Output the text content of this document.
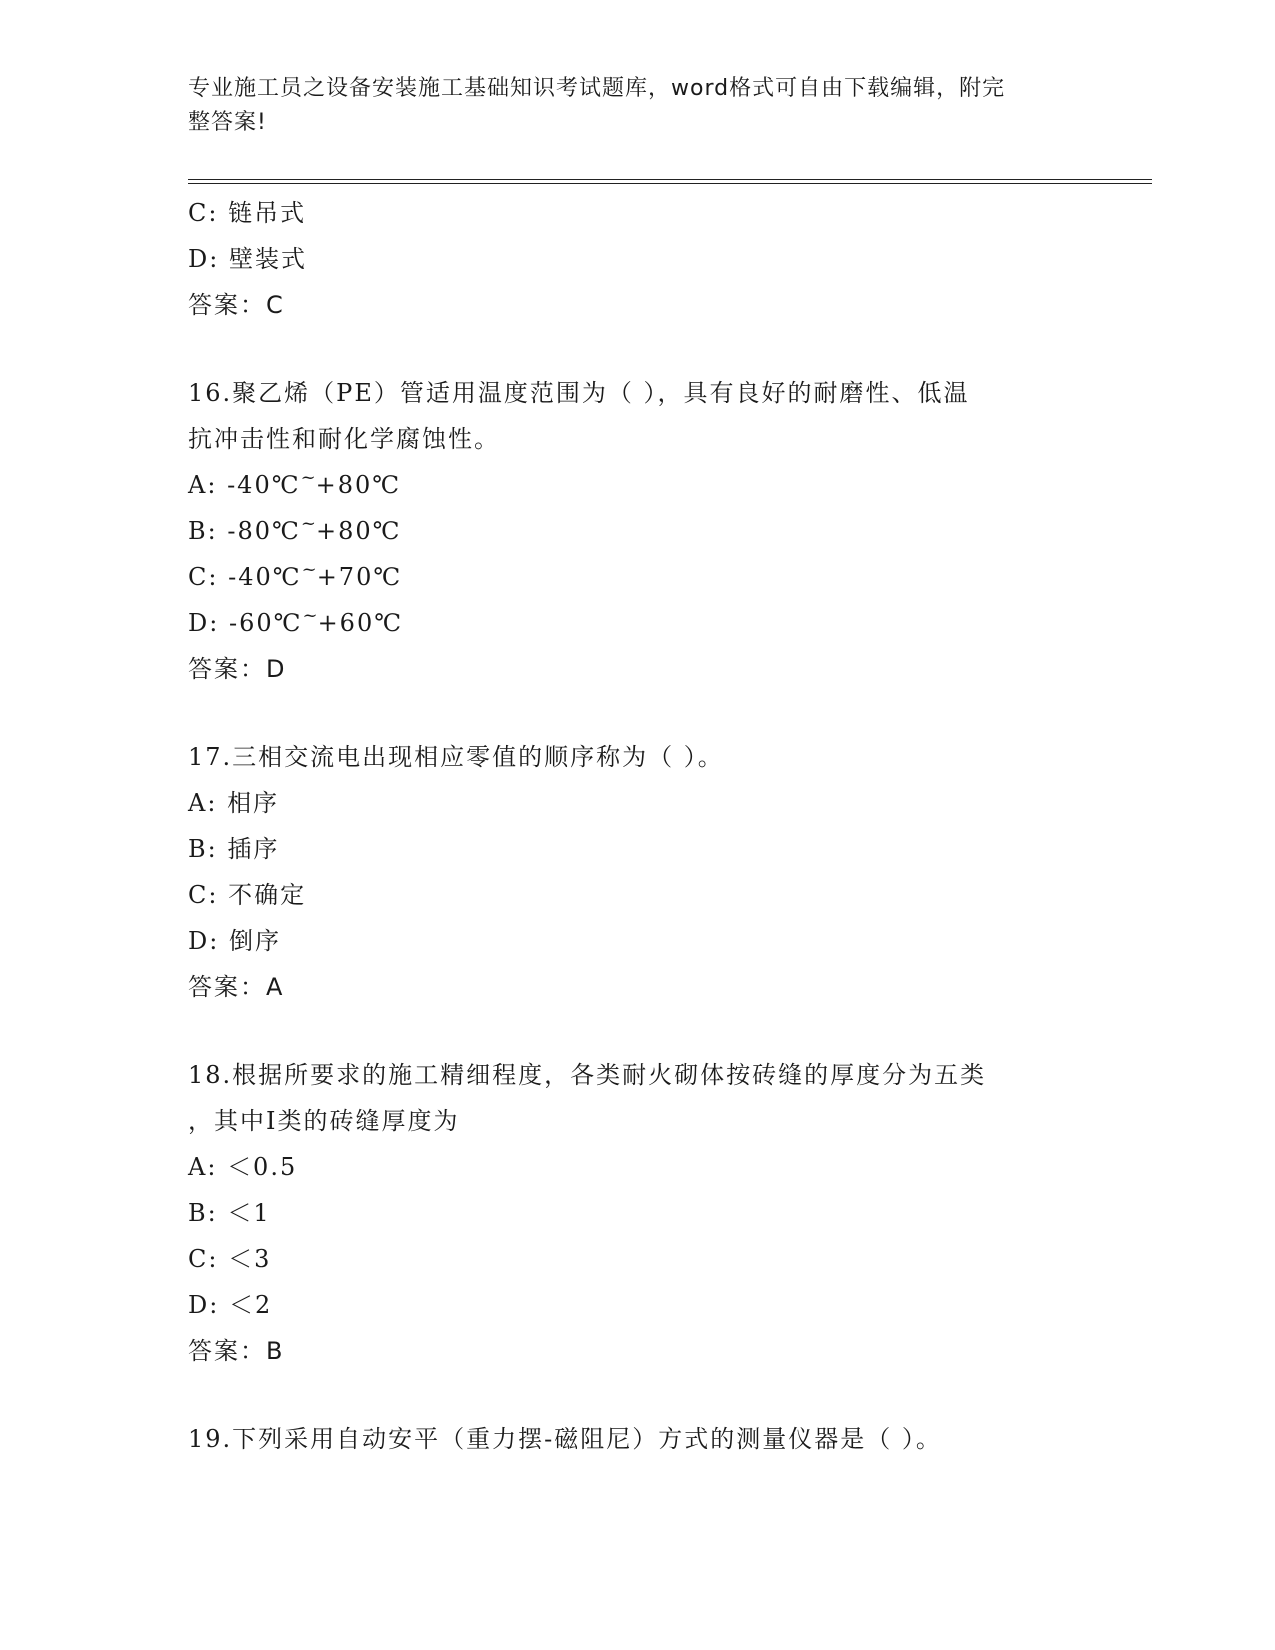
专业施工员之设备安装施工基础知识考试题库，word格式可自由下载编辑，附完
整答案!
C: 链吊式
D: 壁装式
答案：C
16.聚乙烯（PE）管适用温度范围为（ ），具有良好的耐磨性、低温
抗冲击性和耐化学腐蚀性。
A: -40℃~+80℃
B: -80℃~+80℃
C: -40℃~+70℃
D: -60℃~+60℃
答案：D
17.三相交流电出现相应零值的顺序称为（ ）。
A: 相序
B: 插序
C: 不确定
D: 倒序
答案：A
18.根据所要求的施工精细程度，各类耐火砌体按砖缝的厚度分为五类
，其中Ⅰ类的砖缝厚度为
A: ＜0.5
B: ＜1
C: ＜3
D: ＜2
答案：B
19.下列采用自动安平（重力摆-磁阻尼）方式的测量仪器是（ ）。
